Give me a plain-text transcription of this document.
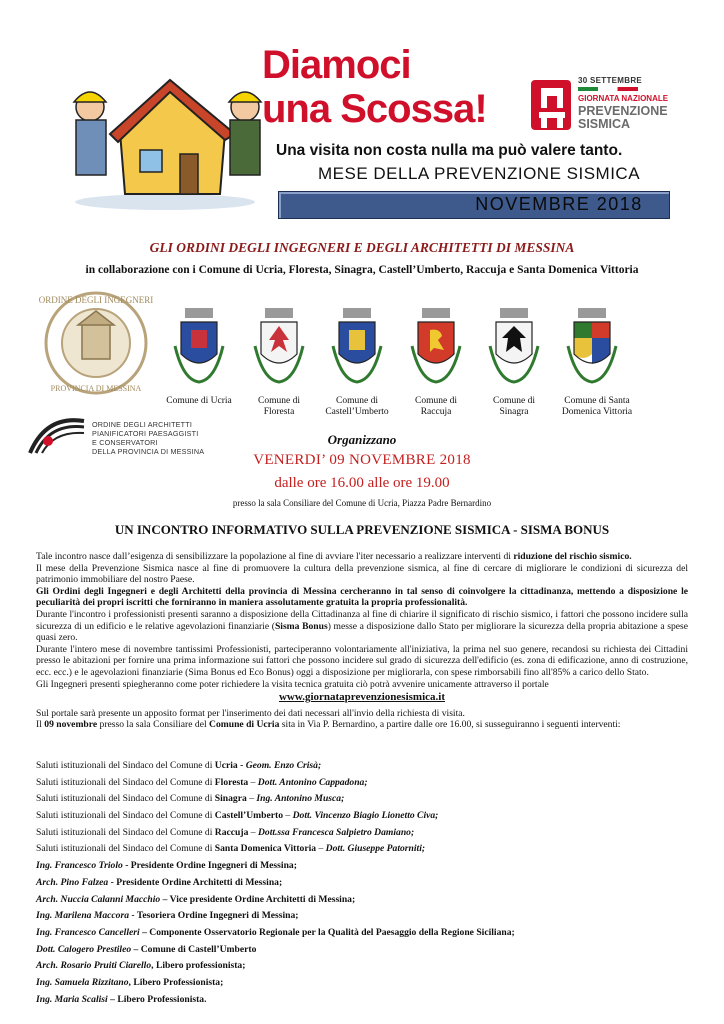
Diamoci
una Scossa!
Una visita non costa nulla ma può valere tanto.
MESE DELLA PREVENZIONE SISMICA
NOVEMBRE 2018
30 SETTEMBRE
GIORNATA NAZIONALE
PREVENZIONE
SISMICA
GLI ORDINI DEGLI INGEGNERI E DEGLI ARCHITETTI DI MESSINA
in collaborazione con i Comune di Ucria, Floresta, Sinagra, Castell’Umberto, Raccuja e Santa Domenica Vittoria
ORDINE DEGLI INGEGNERI
PROVINCIA DI MESSINA
Comune di Ucria	Comune di
Floresta
Comune di
Castell’Umberto
Comune di
Raccuja
Comune di
Sinagra
Comune di Santa
Domenica Vittoria
ORDINE DEGLI ARCHITETTI
PIANIFICATORI PAESAGGISTI
E CONSERVATORI
DELLA PROVINCIA DI MESSINA
Organizzano
VENERDI’ 09 NOVEMBRE 2018
dalle ore 16.00 alle ore 19.00
presso la sala Consiliare del Comune di Ucria, Piazza Padre Bernardino
UN INCONTRO INFORMATIVO SULLA PREVENZIONE SISMICA - SISMA BONUS

Tale incontro nasce dall’esigenza di sensibilizzare la popolazione al fine di avviare l'iter necessario a realizzare interventi di riduzione del rischio sismico.

Il mese della Prevenzione Sismica nasce al fine di promuovere la cultura della prevenzione sismica, al fine di cercare di migliorare le condizioni di sicurezza del patrimonio immobiliare del nostro Paese.

Gli Ordini degli Ingegneri e degli Architetti della provincia di Messina cercheranno in tal senso di coinvolgere la cittadinanza, mettendo a disposizione le peculiarità dei propri iscritti che forniranno in maniera assolutamente gratuita la propria professionalità.

Durante l'incontro i professionisti presenti saranno a disposizione della Cittadinanza al fine di chiarire il significato di rischio sismico, i fattori che possono incidere sulla sicurezza di un edificio e le relative agevolazioni finanziarie (Sisma Bonus) messe a disposizione dallo Stato per migliorare la sicurezza della propria abitazione a spese quasi zero.

Durante l'intero mese di novembre tantissimi Professionisti, parteciperanno volontariamente all'iniziativa, la prima nel suo genere, recandosi su richiesta dei Cittadini presso le abitazioni per fornire una prima informazione sui fattori che possono incidere sul grado di sicurezza dell'edificio (es. zona di edificazione, anno di costruzione, ecc. ecc.) e le agevolazioni finanziarie (Sima Bonus ed Eco Bonus) oggi a disposizione per migliorarla, con spese rimborsabili fino all'85% a carico dello Stato.

Gli Ingegneri presenti spiegheranno come poter richiedere la visita tecnica gratuita ciò potrà avvenire unicamente attraverso il portale

www.giornataprevenzionesismica.it

Sul portale sarà presente un apposito format per l'inserimento dei dati necessari all'invio della richiesta di visita.

Il 09 novembre presso la sala Consiliare del Comune di Ucria sita in Via P. Bernardino, a partire dalle ore 16.00, si susseguiranno i seguenti interventi:

Saluti istituzionali del Sindaco del Comune di Ucria - Geom. Enzo Crisà;
Saluti istituzionali del Sindaco del Comune di Floresta – Dott. Antonino Cappadona;
Saluti istituzionali del Sindaco del Comune di Sinagra – Ing. Antonino Musca;
Saluti istituzionali del Sindaco del Comune di Castell’Umberto – Dott. Vincenzo Biagio Lionetto Civa;
Saluti istituzionali del Sindaco del Comune di Raccuja – Dott.ssa Francesca Salpietro Damiano;
Saluti istituzionali del Sindaco del Comune di Santa Domenica Vittoria – Dott. Giuseppe Patorniti;
Ing. Francesco Triolo - Presidente Ordine Ingegneri di Messina;
Arch. Pino Falzea - Presidente Ordine Architetti di Messina;
Arch. Nuccia Calanni Macchio – Vice presidente Ordine Architetti di Messina;
Ing. Marilena Maccora - Tesoriera Ordine Ingegneri di Messina;
Ing. Francesco Cancelleri – Componente Osservatorio Regionale per la Qualità del Paesaggio della Regione Siciliana;
Dott. Calogero Prestileo – Comune di Castell’Umberto
Arch. Rosario Pruiti Ciarello, Libero professionista;
Ing. Samuela Rizzitano, Libero Professionista;
Ing. Maria Scalisi – Libero Professionista.
